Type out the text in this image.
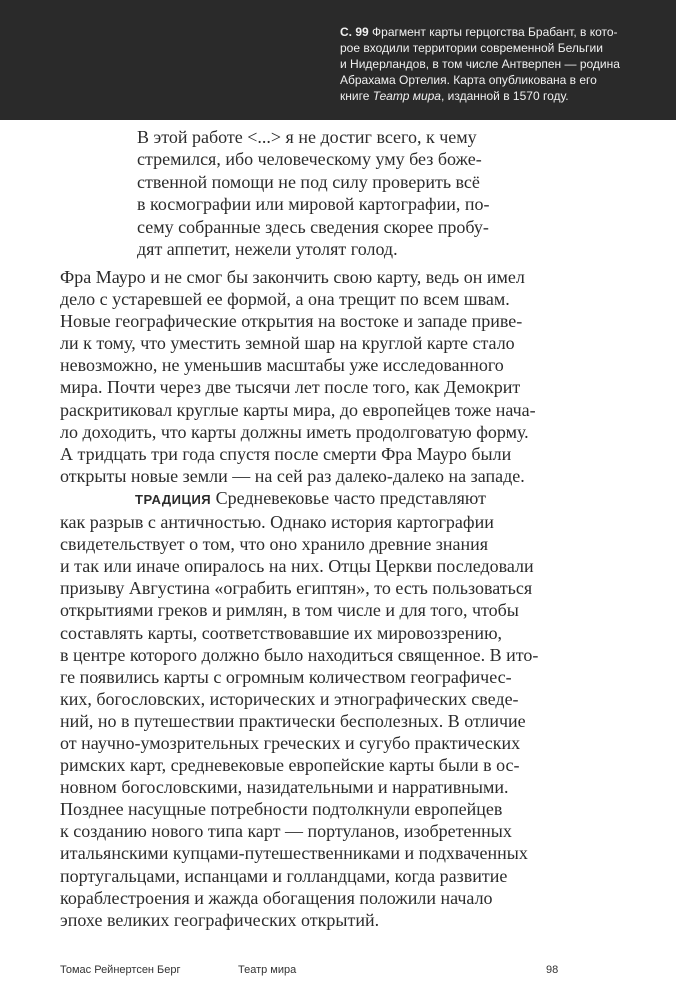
С. 99 Фрагмент карты герцогства Брабант, в кото-
рое входили территории современной Бельгии
и Нидерландов, в том числе Антверпен — родина
Абрахама Ортелия. Карта опубликована в его
книге Театр мира, изданной в 1570 году.
В этой работе <...> я не достиг всего, к чему
стремился, ибо человеческому уму без боже-
ственной помощи не под силу проверить всё
в космографии или мировой картографии, по-
сему собранные здесь сведения скорее пробу-
дят аппетит, нежели утолят голод.
Фра Мауро и не смог бы закончить свою карту, ведь он имел
дело с устаревшей ее формой, а она трещит по всем швам.
Новые географические открытия на востоке и западе приве-
ли к тому, что уместить земной шар на круглой карте стало
невозможно, не уменьшив масштабы уже исследованного
мира. Почти через две тысячи лет после того, как Демокрит
раскритиковал круглые карты мира, до европейцев тоже нача-
ло доходить, что карты должны иметь продолговатую форму.
А тридцать три года спустя после смерти Фра Мауро были
открыты новые земли — на сей раз далеко-далеко на западе.
ТРАДИЦИЯ Средневековье часто представляют
как разрыв с античностью. Однако история картографии
свидетельствует о том, что оно хранило древние знания
и так или иначе опиралось на них. Отцы Церкви последовали
призыву Августина «ограбить египтян», то есть пользоваться
открытиями греков и римлян, в том числе и для того, чтобы
составлять карты, соответствовавшие их мировоззрению,
в центре которого должно было находиться священное. В ито-
ге появились карты с огромным количеством географичес-
ких, богословских, исторических и этнографических сведе-
ний, но в путешествии практически бесполезных. В отличие
от научно-умозрительных греческих и сугубо практических
римских карт, средневековые европейские карты были в ос-
новном богословскими, назидательными и нарративными.
Позднее насущные потребности подтолкнули европейцев
к созданию нового типа карт — портуланов, изобретенных
итальянскими купцами-путешественниками и подхваченных
португальцами, испанцами и голландцами, когда развитие
кораблестроения и жажда обогащения положили начало
эпохе великих географических открытий.
Томас Рейнертсен Берг	Театр мира	98
